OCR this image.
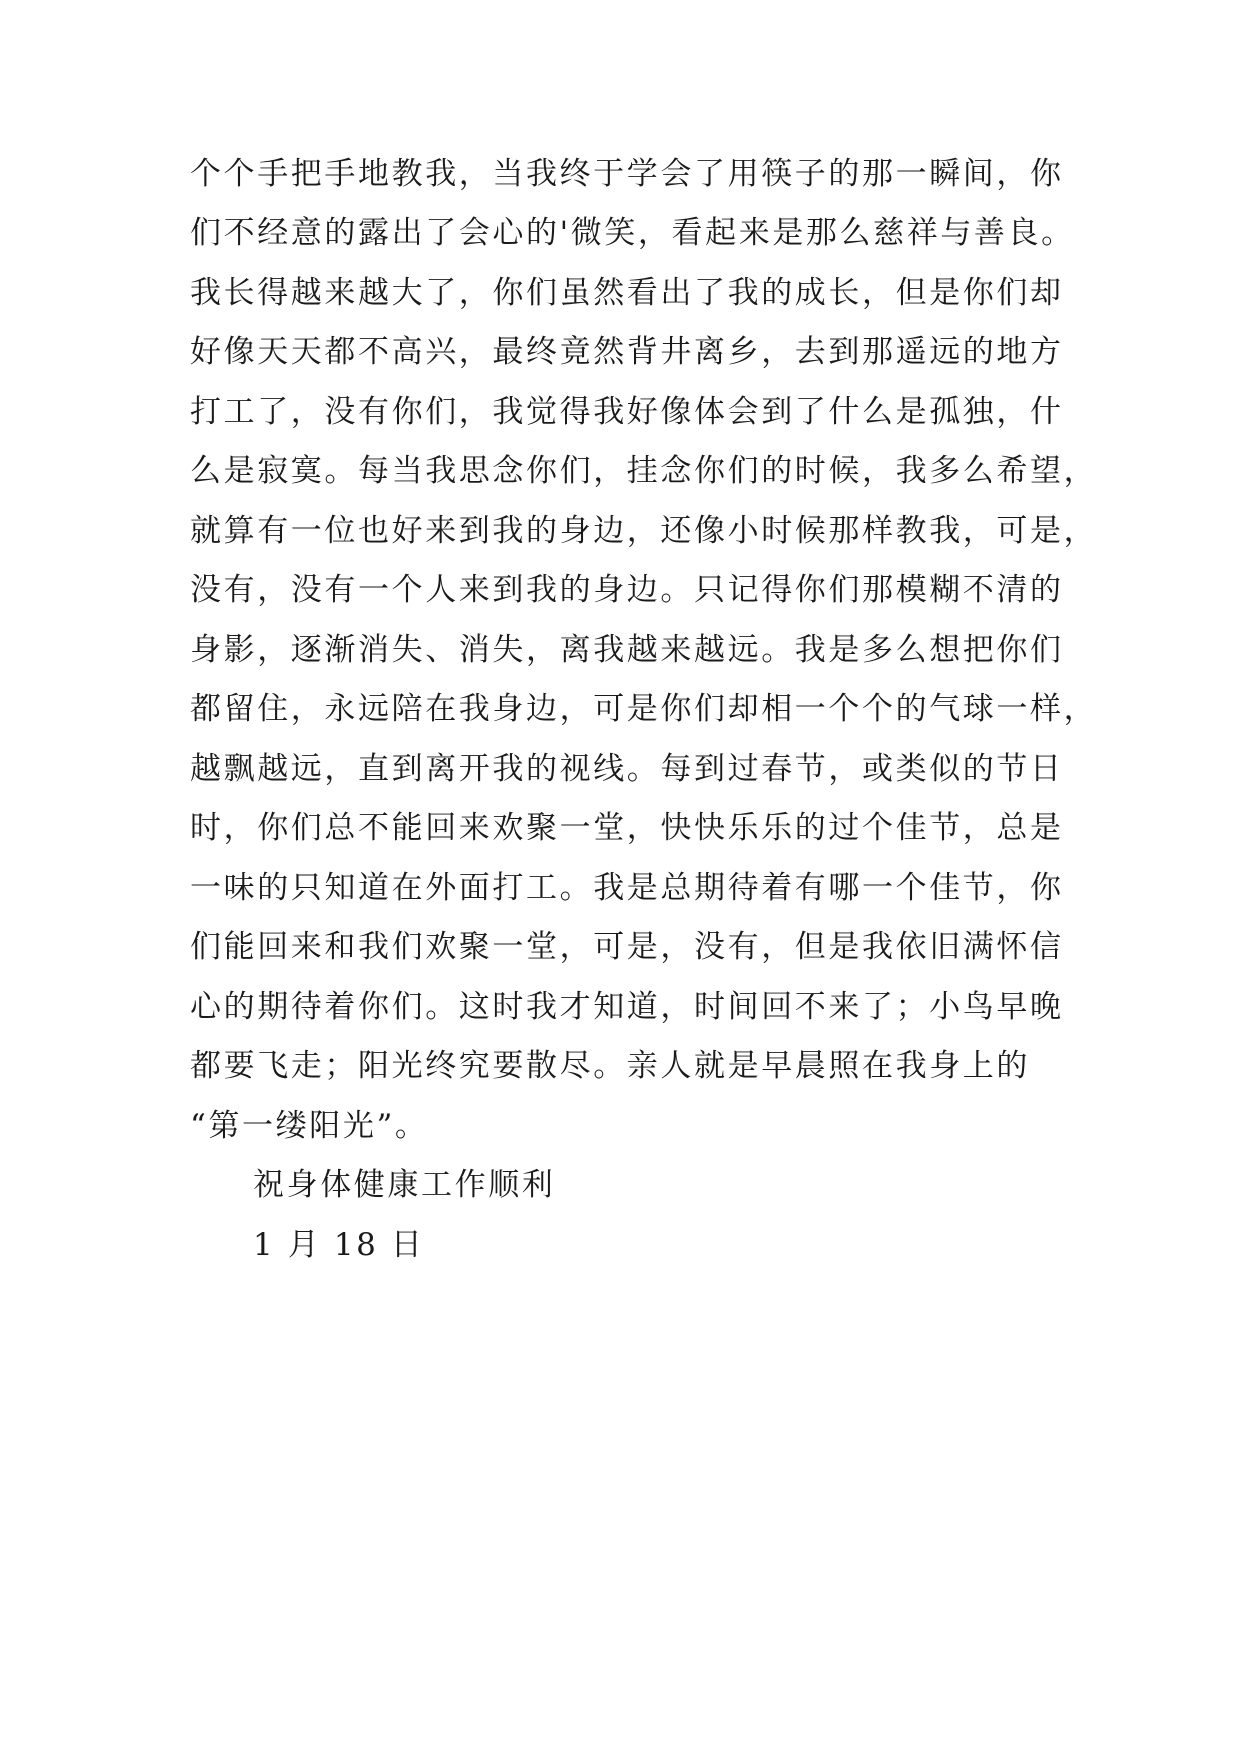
个个手把手地教我，当我终于学会了用筷子的那一瞬间，你
们不经意的露出了会心的'微笑，看起来是那么慈祥与善良。
我长得越来越大了，你们虽然看出了我的成长，但是你们却
好像天天都不高兴，最终竟然背井离乡，去到那遥远的地方
打工了，没有你们，我觉得我好像体会到了什么是孤独，什
么是寂寞。每当我思念你们，挂念你们的时候，我多么希望，
就算有一位也好来到我的身边，还像小时候那样教我，可是，
没有，没有一个人来到我的身边。只记得你们那模糊不清的
身影，逐渐消失、消失，离我越来越远。我是多么想把你们
都留住，永远陪在我身边，可是你们却相一个个的气球一样，
越飘越远，直到离开我的视线。每到过春节，或类似的节日
时，你们总不能回来欢聚一堂，快快乐乐的过个佳节，总是
一味的只知道在外面打工。我是总期待着有哪一个佳节，你
们能回来和我们欢聚一堂，可是，没有，但是我依旧满怀信
心的期待着你们。这时我才知道，时间回不来了；小鸟早晚
都要飞走；阳光终究要散尽。亲人就是早晨照在我身上的
“第一缕阳光”。
祝身体健康工作顺利
1 月 18 日
